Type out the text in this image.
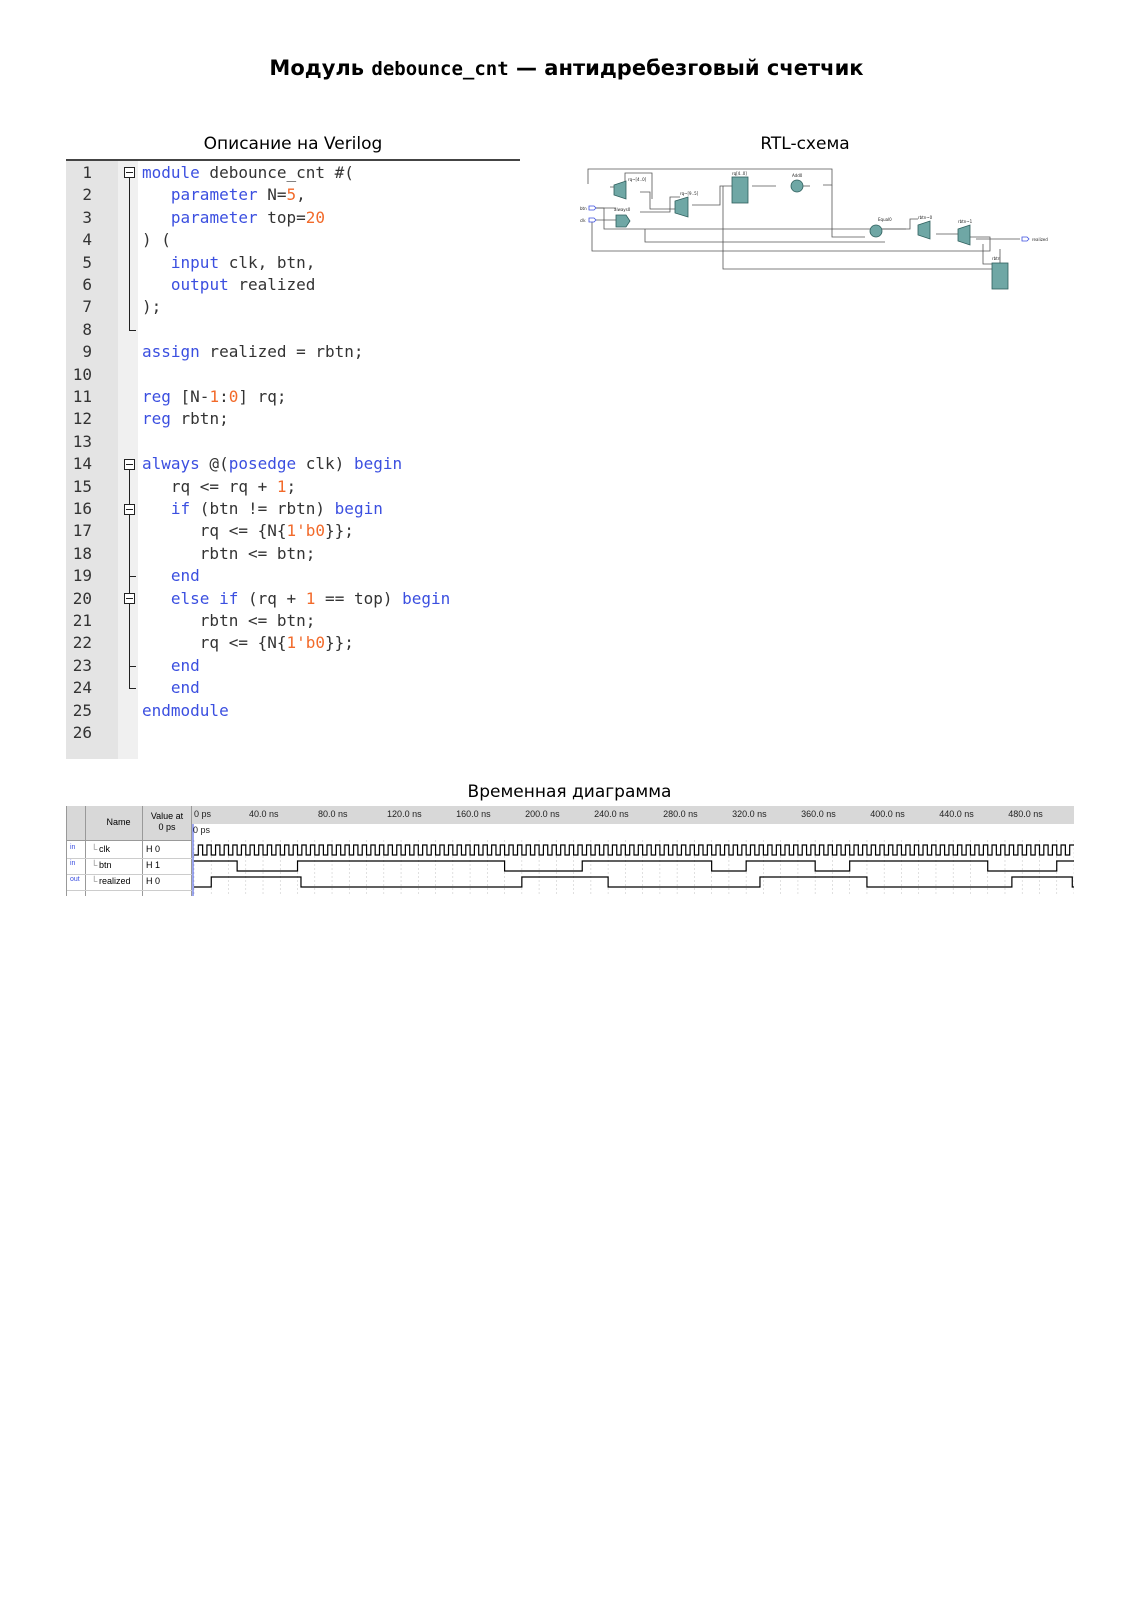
Модуль debounce_cnt — антидребезговый счетчик
Описание на Verilog	RTL-схема
Временная диаграмма
1	module debounce_cnt #(
2	parameter N=5,
3	parameter top=20
4	) (
5	input clk, btn,
6	output realized
7	);
8
9	assign realized = rbtn;
10
11	reg [N-1:0] rq;
12	reg rbtn;
13
14	always @(posedge clk) begin
15	rq <= rq + 1;
16	if (btn != rbtn) begin
17	rq <= {N{1'b0}};
18	rbtn <= btn;
19	end
20	else if (rq + 1 == top) begin
21	rbtn <= btn;
22	rq <= {N{1'b0}};
23	end
24	end
25	endmodule
26
rq[4..0]	Add0
Equal0	rbtn~0
rbtn~1
rbtn
btn
clk
realized
rq~[4..0]
always0
rq~[9..5]
Name
Value at
0 ps
in └ clk	H 0
in └ btn	H 1
out └ realized H 0
0 ps	40.0 ns	80.0 ns	120.0 ns	160.0 ns	200.0 ns	240.0 ns	280.0 ns	320.0 ns	360.0 ns	400.0 ns	440.0 ns	480.0 ns
0 ps
